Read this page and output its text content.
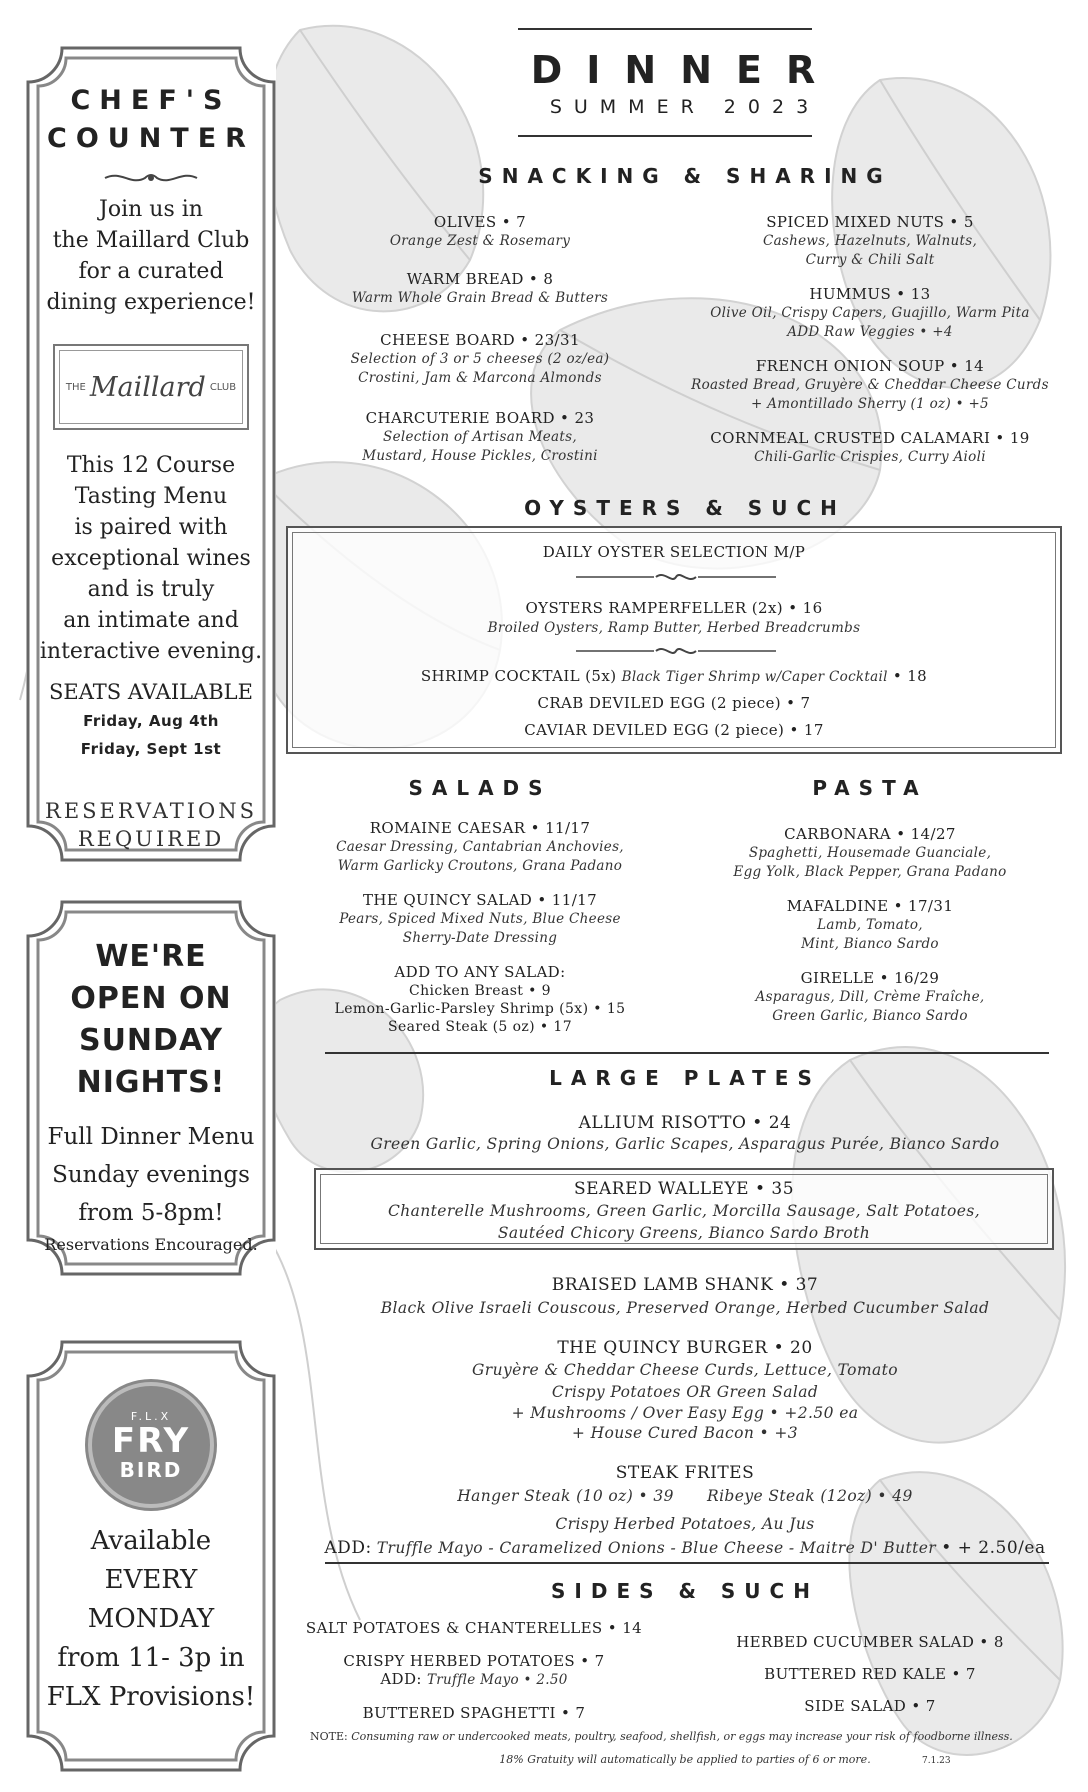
CHEF'S
COUNTER
Join us in
the Maillard Club
for a curated
dining experience!
THE Maillard CLUB
This 12 Course
Tasting Menu
is paired with
exceptional wines
and is truly
an intimate and
interactive evening.
SEATS AVAILABLE
Friday, Aug 4th
Friday, Sept 1st
RESERVATIONS
REQUIRED
WE'RE
OPEN ON
SUNDAY
NIGHTS!
Full Dinner Menu
Sunday evenings
from 5-8pm!
Reservations Encouraged.
F.L.X
FRY
BIRD
Available
EVERY
MONDAY
from 11- 3p in
FLX Provisions!
DINNER
SUMMER 2023
SNACKING & SHARING
OLIVES • 7
Orange Zest & Rosemary
WARM BREAD • 8
Warm Whole Grain Bread & Butters
CHEESE BOARD • 23/31
Selection of 3 or 5 cheeses (2 oz/ea)
Crostini, Jam & Marcona Almonds
CHARCUTERIE BOARD • 23
Selection of Artisan Meats,
Mustard, House Pickles, Crostini
SPICED MIXED NUTS • 5
Cashews, Hazelnuts, Walnuts,
Curry & Chili Salt
HUMMUS • 13
Olive Oil, Crispy Capers, Guajillo, Warm Pita
ADD Raw Veggies • +4
FRENCH ONION SOUP • 14
Roasted Bread, Gruyère & Cheddar Cheese Curds
+ Amontillado Sherry (1 oz) • +5
CORNMEAL CRUSTED CALAMARI • 19
Chili-Garlic Crispies, Curry Aioli
OYSTERS & SUCH
DAILY OYSTER SELECTION M/P
OYSTERS RAMPERFELLER (2x) • 16
Broiled Oysters, Ramp Butter, Herbed Breadcrumbs
SHRIMP COCKTAIL (5x) Black Tiger Shrimp w/Caper Cocktail • 18
CRAB DEVILED EGG (2 piece) • 7
CAVIAR DEVILED EGG (2 piece) • 17
SALADS
ROMAINE CAESAR • 11/17
Caesar Dressing, Cantabrian Anchovies,
Warm Garlicky Croutons, Grana Padano
THE QUINCY SALAD • 11/17
Pears, Spiced Mixed Nuts, Blue Cheese
Sherry-Date Dressing
ADD TO ANY SALAD:
Chicken Breast • 9
Lemon-Garlic-Parsley Shrimp (5x) • 15
Seared Steak (5 oz) • 17
PASTA
CARBONARA • 14/27
Spaghetti, Housemade Guanciale,
Egg Yolk, Black Pepper, Grana Padano
MAFALDINE • 17/31
Lamb, Tomato,
Mint, Bianco Sardo
GIRELLE • 16/29
Asparagus, Dill, Crème Fraîche,
Green Garlic, Bianco Sardo
LARGE PLATES
ALLIUM RISOTTO • 24
Green Garlic, Spring Onions, Garlic Scapes, Asparagus Purée, Bianco Sardo
SEARED WALLEYE • 35
Chanterelle Mushrooms, Green Garlic, Morcilla Sausage, Salt Potatoes,
Sautéed Chicory Greens, Bianco Sardo Broth
BRAISED LAMB SHANK • 37
Black Olive Israeli Couscous, Preserved Orange, Herbed Cucumber Salad
THE QUINCY BURGER • 20
Gruyère & Cheddar Cheese Curds, Lettuce, Tomato
Crispy Potatoes OR Green Salad
+ Mushrooms / Over Easy Egg • +2.50 ea
+ House Cured Bacon • +3
STEAK FRITES
Hanger Steak (10 oz) • 39 Ribeye Steak (12oz) • 49
Crispy Herbed Potatoes, Au Jus
ADD: Truffle Mayo - Caramelized Onions - Blue Cheese - Maitre D' Butter • + 2.50/ea
SIDES & SUCH
SALT POTATOES & CHANTERELLES • 14
CRISPY HERBED POTATOES • 7
ADD: Truffle Mayo • 2.50
BUTTERED SPAGHETTI • 7
HERBED CUCUMBER SALAD • 8
BUTTERED RED KALE • 7
SIDE SALAD • 7
NOTE: Consuming raw or undercooked meats, poultry, seafood, shellfish, or eggs may increase your risk of foodborne illness.
18% Gratuity will automatically be applied to parties of 6 or more.	7.1.23
